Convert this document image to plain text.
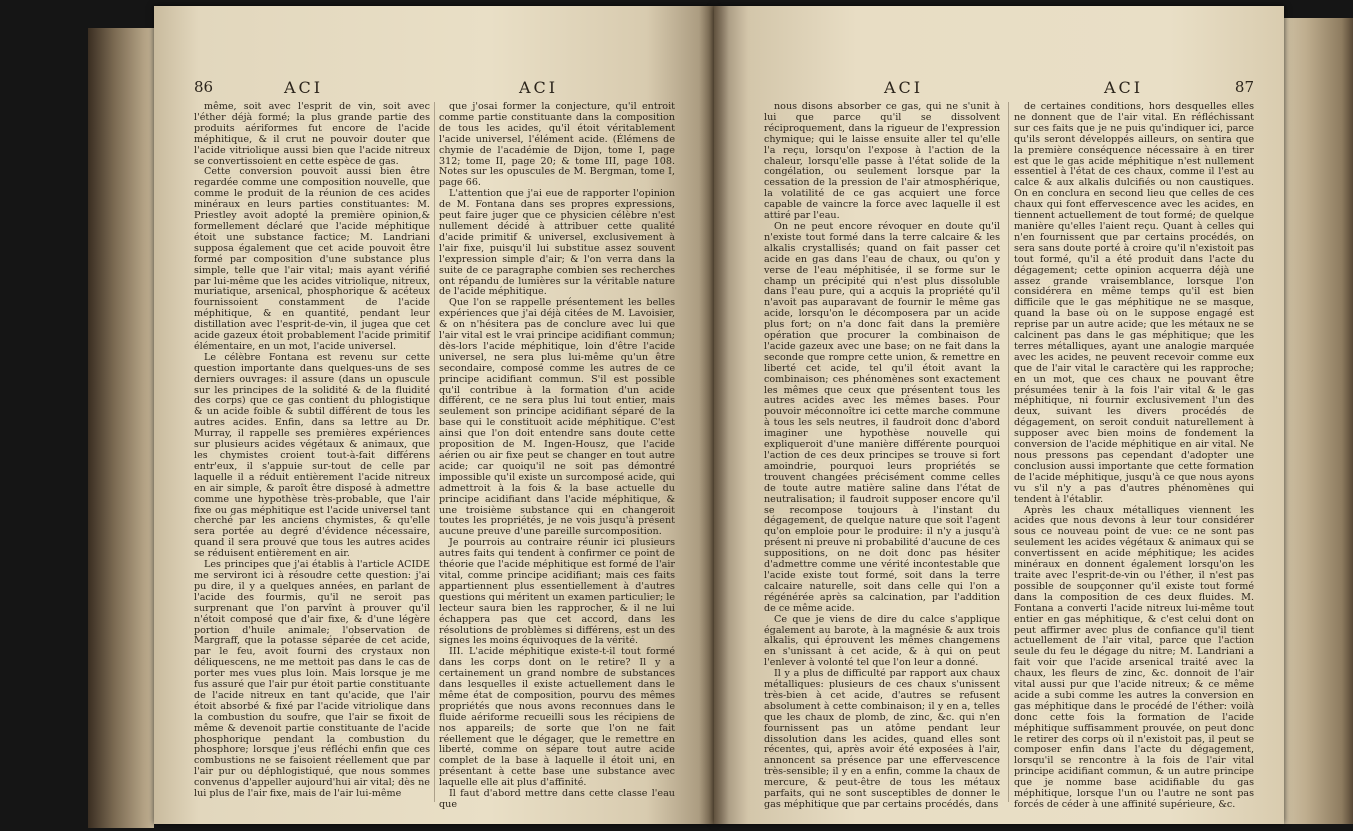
86	ACI	ACI

même, soit avec l'esprit de vin, soit avec l'éther déjà formé; la plus grande partie des produits aériformes fut encore de l'acide méphitique, & il crut ne pouvoir douter que l'acide vitriolique aussi bien que l'acide nitreux se convertissoient en cette espèce de gas.

Cette conversion pouvoit aussi bien être regardée comme une composition nouvelle, que comme le produit de la réunion de ces acides minéraux en leurs parties constituantes: M. Priestley avoit adopté la première opinion,& formellement déclaré que l'acide méphitique étoit une substance factice; M. Landriani supposa également que cet acide pouvoit être formé par composition d'une substance plus simple, telle que l'air vital; mais ayant vérifié par lui-même que les acides vitriolique, nitreux, muriatique, arsenical, phosphorique & acéteux fournissoient constamment de l'acide méphitique, & en quantité, pendant leur distillation avec l'esprit-de-vin, il jugea que cet acide gazeux étoit probablement l'acide primitif élémentaire, en un mot, l'acide universel.

Le célèbre Fontana est revenu sur cette question importante dans quelques-uns de ses derniers ouvrages: il assure (dans un opuscule sur les principes de la solidité & de la fluidité des corps) que ce gas contient du phlogistique & un acide foible & subtil différent de tous les autres acides. Enfin, dans sa lettre au Dr. Murray, il rappelle ses premières expériences sur plusieurs acides végétaux & animaux, que les chymistes croient tout-à-fait différens entr'eux, il s'appuie sur-tout de celle par laquelle il a réduit entièrement l'acide nitreux en air simple, & paroît être disposé à admettre comme une hypothèse très-probable, que l'air fixe ou gas méphitique est l'acide universel tant cherché par les anciens chymistes, & qu'elle sera portée au degré d'évidence nécessaire, quand il sera prouvé que tous les autres acides se réduisent entièrement en air.

Les principes que j'ai établis à l'article ACIDE me serviront ici à résoudre cette question: j'ai pu dire, il y a quelques années, en parlant de l'acide des fourmis, qu'il ne seroit pas surprenant que l'on parvînt à prouver qu'il n'étoit composé que d'air fixe, & d'une légère portion d'huile animale; l'observation de Margraff, que la potasse séparée de cet acide, par le feu, avoit fourni des crystaux non déliquescens, ne me mettoit pas dans le cas de porter mes vues plus loin. Mais lorsque je me fus assuré que l'air pur étoit partie constituante de l'acide nitreux en tant qu'acide, que l'air étoit absorbé & fixé par l'acide vitriolique dans la combustion du soufre, que l'air se fixoit de même & devenoit partie constituante de l'acide phosphorique pendant la combustion du phosphore; lorsque j'eus réfléchi enfin que ces combustions ne se faisoient réellement que par l'air pur ou déphlogistiqué, que nous sommes convenus d'appeller aujourd'hui air vital; dès ne lui plus de l'air fixe, mais de l'air lui-même

que j'osai former la conjecture, qu'il entroit comme partie constituante dans la composition de tous les acides, qu'il étoit véritablement l'acide universel, l'élément acide. (Élémens de chymie de l'académie de Dijon, tome I, page 312; tome II, page 20; & tome III, page 108. Notes sur les opuscules de M. Bergman, tome I, page 66.

L'attention que j'ai eue de rapporter l'opinion de M. Fontana dans ses propres expressions, peut faire juger que ce physicien célèbre n'est nullement décidé à attribuer cette qualité d'acide primitif & universel, exclusivement à l'air fixe, puisqu'il lui substitue assez souvent l'expression simple d'air; & l'on verra dans la suite de ce paragraphe combien ses recherches ont répandu de lumières sur la véritable nature de l'acide méphitique.

Que l'on se rappelle présentement les belles expériences que j'ai déjà citées de M. Lavoisier, & on n'hésitera pas de conclure avec lui que l'air vital est le vrai principe acidifiant commun; dès-lors l'acide méphitique, loin d'être l'acide universel, ne sera plus lui-même qu'un être secondaire, composé comme les autres de ce principe acidifiant commun. S'il est possible qu'il contribue à la formation d'un acide différent, ce ne sera plus lui tout entier, mais seulement son principe acidifiant séparé de la base qui le constituoit acide méphitique. C'est ainsi que l'on doit entendre sans doute cette proposition de M. Ingen-Housz, que l'acide aérien ou air fixe peut se changer en tout autre acide; car quoiqu'il ne soit pas démontré impossible qu'il existe un surcomposé acide, qui admettroit à la fois & la base actuelle du principe acidifiant dans l'acide méphitique, & une troisième substance qui en changeroit toutes les propriétés, je ne vois jusqu'à présent aucune preuve d'une pareille surcomposition.

Je pourrois au contraire réunir ici plusieurs autres faits qui tendent à confirmer ce point de théorie que l'acide méphitique est formé de l'air vital, comme principe acidifiant; mais ces faits appartiennent plus essentiellement à d'autres questions qui méritent un examen particulier; le lecteur saura bien les rapprocher, & il ne lui échappera pas que cet accord, dans les résolutions de problèmes si différens, est un des signes les moins équivoques de la vérité.

III. L'acide méphitique existe-t-il tout formé dans les corps dont on le retire? Il y a certainement un grand nombre de substances dans lesquelles il existe actuellement dans le même état de composition, pourvu des mêmes propriétés que nous avons reconnues dans le fluide aériforme recueilli sous les récipiens de nos appareils; de sorte que l'on ne fait réellement que le dégager, que le remettre en liberté, comme on sépare tout autre acide complet de la base à laquelle il étoit uni, en présentant à cette base une substance avec laquelle elle ait plus d'affinité.

Il faut d'abord mettre dans cette classe l'eau que

ACI	ACI	87

nous disons absorber ce gas, qui ne s'unit à lui que parce qu'il se dissolvent réciproquement, dans la rigueur de l'expression chymique; qui le laisse ensuite aller tel qu'elle l'a reçu, lorsqu'on l'expose à l'action de la chaleur, lorsqu'elle passe à l'état solide de la congélation, ou seulement lorsque par la cessation de la pression de l'air atmosphérique, la volatilité de ce gas acquiert une force capable de vaincre la force avec laquelle il est attiré par l'eau.

On ne peut encore révoquer en doute qu'il n'existe tout formé dans la terre calcaire & les alkalis crystallisés; quand on fait passer cet acide en gas dans l'eau de chaux, ou qu'on y verse de l'eau méphitisée, il se forme sur le champ un précipité qui n'est plus dissoluble dans l'eau pure, qui a acquis la propriété qu'il n'avoit pas auparavant de fournir le même gas acide, lorsqu'on le décomposera par un acide plus fort; on n'a donc fait dans la première opération que procurer la combinaison de l'acide gazeux avec une base; on ne fait dans la seconde que rompre cette union, & remettre en liberté cet acide, tel qu'il étoit avant la combinaison; ces phénomènes sont exactement les mêmes que ceux que présentent tous les autres acides avec les mêmes bases. Pour pouvoir méconnoître ici cette marche commune à tous les sels neutres, il faudroit donc d'abord imaginer une hypothèse nouvelle qui expliqueroit d'une manière différente pourquoi l'action de ces deux principes se trouve si fort amoindrie, pourquoi leurs propriétés se trouvent changées précisément comme celles de toute autre matière saline dans l'état de neutralisation; il faudroit supposer encore qu'il se recompose toujours à l'instant du dégagement, de quelque nature que soit l'agent qu'on emploie pour le produire: il n'y a jusqu'à présent ni preuve ni probabilité d'aucune de ces suppositions, on ne doit donc pas hésiter d'admettre comme une vérité incontestable que l'acide existe tout formé, soit dans la terre calcaire naturelle, soit dans celle qui l'on a régénérée après sa calcination, par l'addition de ce même acide.

Ce que je viens de dire du calce s'applique également au barote, à la magnésie & aux trois alkalis, qui éprouvent les mêmes changemens en s'unissant à cet acide, & à qui on peut l'enlever à volonté tel que l'on leur a donné.

Il y a plus de difficulté par rapport aux chaux métalliques: plusieurs de ces chaux s'unissent très-bien à cet acide, d'autres se refusent absolument à cette combinaison; il y en a, telles que les chaux de plomb, de zinc, &c. qui n'en fournissent pas un atôme pendant leur dissolution dans les acides, quand elles sont récentes, qui, après avoir été exposées à l'air, annoncent sa présence par une effervescence très-sensible; il y en a enfin, comme la chaux de mercure, & peut-être de tous les métaux parfaits, qui ne sont susceptibles de donner le gas méphitique que par certains procédés, dans

de certaines conditions, hors desquelles elles ne donnent que de l'air vital. En réfléchissant sur ces faits que je ne puis qu'indiquer ici, parce qu'ils seront développés ailleurs, on sentira que la première conséquence nécessaire à en tirer est que le gas acide méphitique n'est nullement essentiel à l'état de ces chaux, comme il l'est au calce & aux alkalis dulcifiés ou non caustiques. On en conclura en second lieu que celles de ces chaux qui font effervescence avec les acides, en tiennent actuellement de tout formé; de quelque manière qu'elles l'aient reçu. Quant à celles qui n'en fournissent que par certains procédés, on sera sans doute porté à croire qu'il n'existoit pas tout formé, qu'il a été produit dans l'acte du dégagement; cette opinion acquerra déjà une assez grande vraisemblance, lorsque l'on considérera en même temps qu'il est bien difficile que le gas méphitique ne se masque, quand la base où on le suppose engagé est reprise par un autre acide; que les métaux ne se calcinent pas dans le gas méphitique; que les terres métalliques, ayant une analogie marquée avec les acides, ne peuvent recevoir comme eux que de l'air vital le caractère qui les rapproche; en un mot, que ces chaux ne pouvant être présumées tenir à la fois l'air vital & le gas méphitique, ni fournir exclusivement l'un des deux, suivant les divers procédés de dégagement, on seroit conduit naturellement à supposer avec bien moins de fondement la conversion de l'acide méphitique en air vital. Ne nous pressons pas cependant d'adopter une conclusion aussi importante que cette formation de l'acide méphitique, jusqu'à ce que nous ayons vu s'il n'y a pas d'autres phénomènes qui tendent à l'établir.

Après les chaux métalliques viennent les acides que nous devons à leur tour considérer sous ce nouveau point de vue: ce ne sont pas seulement les acides végétaux & animaux qui se convertissent en acide méphitique; les acides minéraux en donnent également lorsqu'on les traite avec l'esprit-de-vin ou l'éther, il n'est pas possible de soupçonner qu'il existe tout formé dans la composition de ces deux fluides. M. Fontana a converti l'acide nitreux lui-même tout entier en gas méphitique, & c'est celui dont on peut affirmer avec plus de confiance qu'il tient actuellement de l'air vital, parce que l'action seule du feu le dégage du nitre; M. Landriani a fait voir que l'acide arsenical traité avec la chaux, les fleurs de zinc, &c. donnoit de l'air vital aussi pur que l'acide nitreux; & ce même acide a subi comme les autres la conversion en gas méphitique dans le procédé de l'éther: voilà donc cette fois la formation de l'acide méphitique suffisamment prouvée, on peut donc le retirer des corps où il n'existoit pas, il peut se composer enfin dans l'acte du dégagement, lorsqu'il se rencontre à la fois de l'air vital principe acidifiant commun, & un autre principe que je nomme base acidifiable du gas méphitique, lorsque l'un ou l'autre ne sont pas forcés de céder à une affinité supérieure, &c.
